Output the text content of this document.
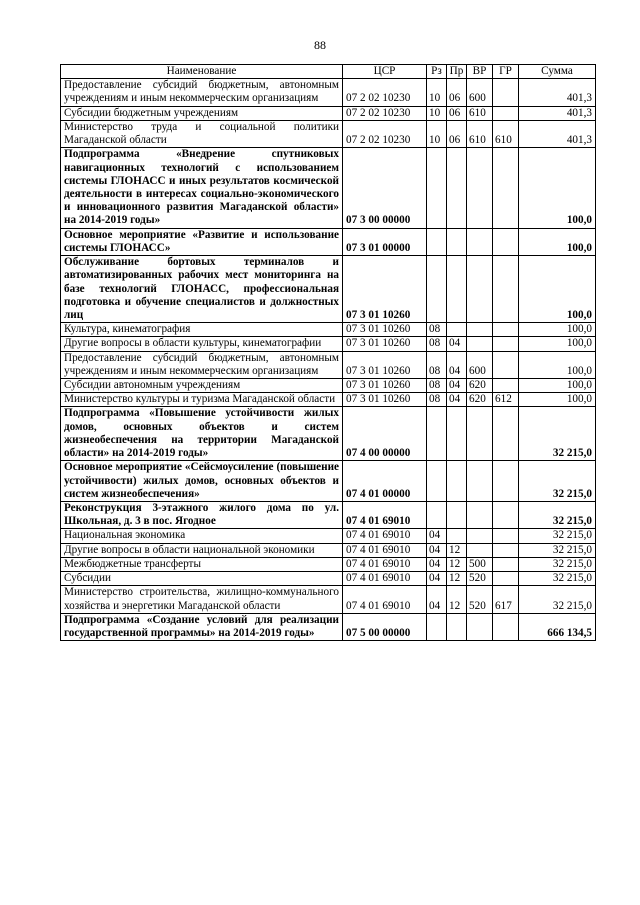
88
Наименование	ЦСР	Рз	Пр	ВР	ГР	Сумма
Предоставление субсидий бюджетным, автономным учреждениям и иным некоммерческим организациям	07 2 02 10230	10	06	600		401,3
Субсидии бюджетным учреждениям	07 2 02 10230	10	06	610		401,3
Министерство труда и социальной политики Магаданской области	07 2 02 10230	10	06	610	610	401,3
Подпрограмма «Внедрение спутниковых навигационных технологий с использованием системы ГЛОНАСС и иных результатов космической деятельности в интересах социально-экономического и инновационного развития Магаданской области» на 2014-2019 годы»	07 3 00 00000					100,0
Основное мероприятие «Развитие и использование системы ГЛОНАСС»	07 3 01 00000					100,0
Обслуживание бортовых терминалов и автоматизированных рабочих мест мониторинга на базе технологий ГЛОНАСС, профессиональная подготовка и обучение специалистов и должностных лиц	07 3 01 10260					100,0
Культура, кинематография	07 3 01 10260	08				100,0
Другие вопросы в области культуры, кинематографии	07 3 01 10260	08	04			100,0
Предоставление субсидий бюджетным, автономным учреждениям и иным некоммерческим организациям	07 3 01 10260	08	04	600		100,0
Субсидии автономным учреждениям	07 3 01 10260	08	04	620		100,0
Министерство культуры и туризма Магаданской области	07 3 01 10260	08	04	620	612	100,0
Подпрограмма «Повышение устойчивости жилых домов, основных объектов и систем жизнеобеспечения на территории Магаданской области» на 2014-2019 годы»	07 4 00 00000					32 215,0
Основное мероприятие «Сейсмоусиление (повышение устойчивости) жилых домов, основных объектов и систем жизнеобеспечения»	07 4 01 00000					32 215,0
Реконструкция 3-этажного жилого дома по ул. Школьная, д. 3 в пос. Ягодное	07 4 01 69010					32 215,0
Национальная экономика	07 4 01 69010	04				32 215,0
Другие вопросы в области национальной экономики	07 4 01 69010	04	12			32 215,0
Межбюджетные трансферты	07 4 01 69010	04	12	500		32 215,0
Субсидии	07 4 01 69010	04	12	520		32 215,0
Министерство строительства, жилищно-коммунального хозяйства и энергетики Магаданской области	07 4 01 69010	04	12	520	617	32 215,0
Подпрограмма «Создание условий для реализации государственной программы» на 2014-2019 годы»	07 5 00 00000					666 134,5
